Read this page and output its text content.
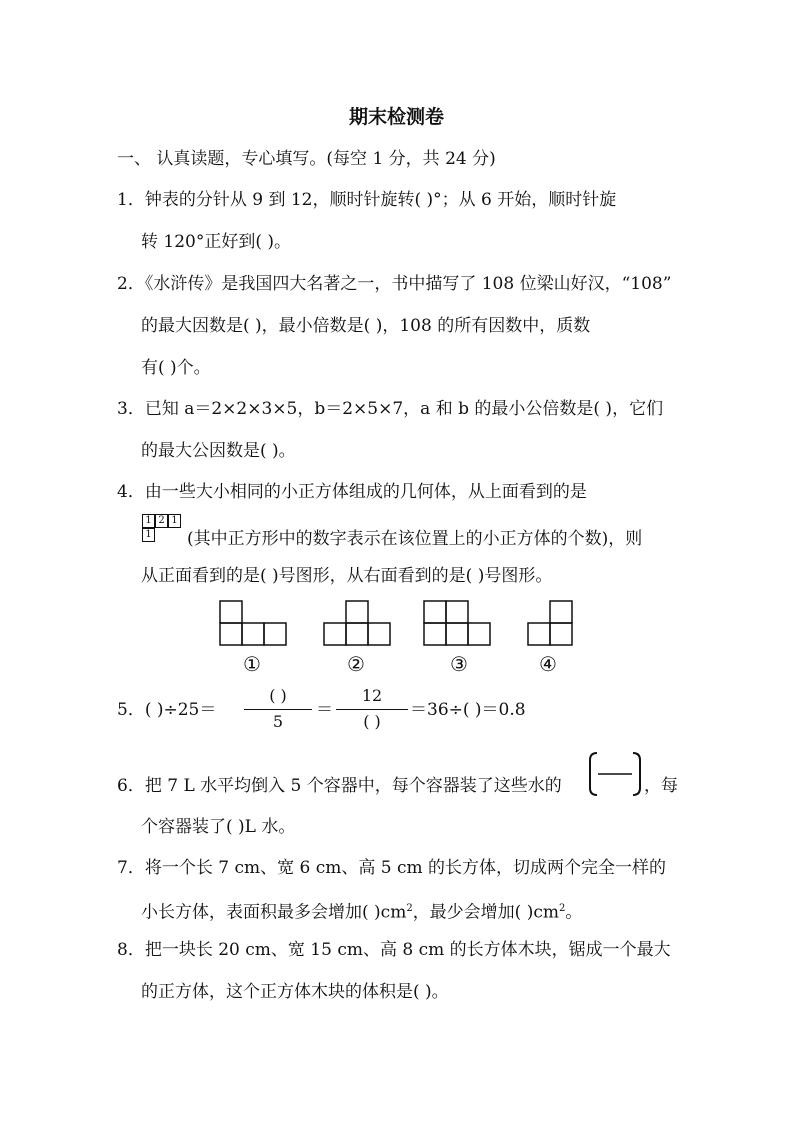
期末检测卷
一、 认真读题，专心填写。(每空 1 分，共 24 分)
1．钟表的分针从 9 到 12，顺时针旋转( )°；从 6 开始，顺时针旋
转 120°正好到( )。
2．《水浒传》是我国四大名著之一，书中描写了 108 位梁山好汉，“108”
的最大因数是( )，最小倍数是( )，108 的所有因数中，质数
有( )个。
3．已知 a＝2×2×3×5，b＝2×5×7，a 和 b 的最小公倍数是( )，它们
的最大公因数是( )。
4．由一些大小相同的小正方体组成的几何体，从上面看到的是
1 2 1
1 (其中正方形中的数字表示在该位置上的小正方体的个数)，则
从正面看到的是( )号图形，从右面看到的是( )号图形。
①	②	③	④
5．( )÷25＝
( )
5
＝
12
( )
＝36÷( )＝0.8
6．把 7 L 水平均倒入 5 个容器中，每个容器装了这些水的	，每
个容器装了( )L 水。
7．将一个长 7 cm、宽 6 cm、高 5 cm 的长方体，切成两个完全一样的
小长方体，表面积最多会增加( )$cm^2$，最少会增加( )$cm^2$。
8．把一块长 20 cm、宽 15 cm、高 8 cm 的长方体木块，锯成一个最大
的正方体，这个正方体木块的体积是( )。
